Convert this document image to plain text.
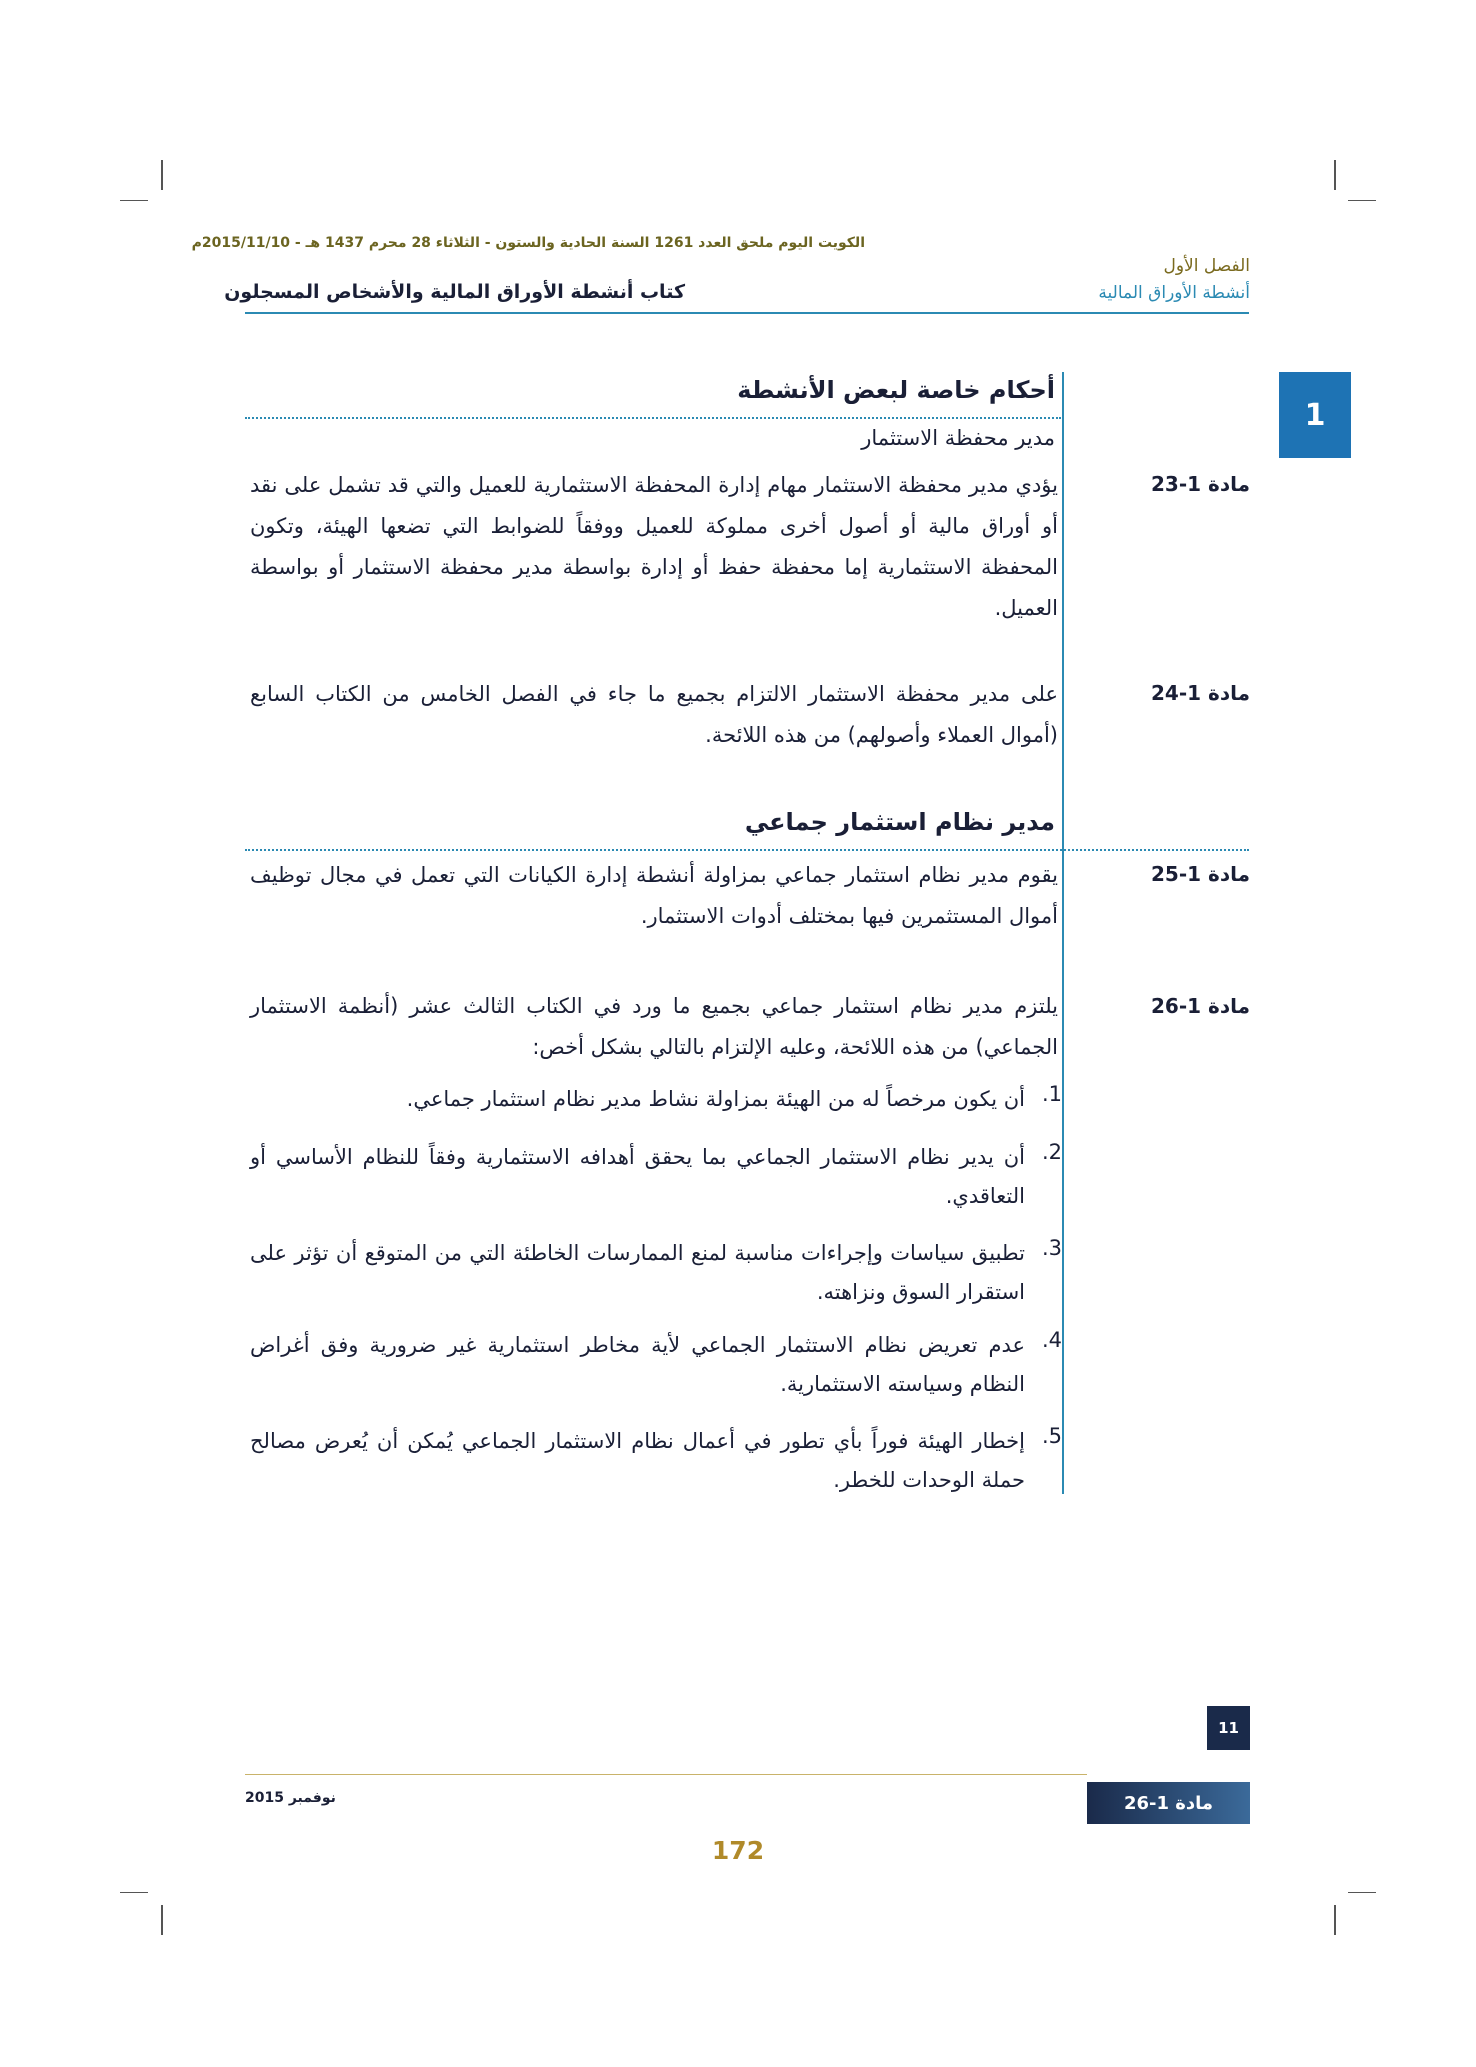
الكويت اليوم ملحق العدد 1261 السنة الحادية والستون - الثلاثاء 28 محرم 1437 هـ - 2015/11/10م
الفصل الأول
أنشطة الأوراق المالية
كتاب أنشطة الأوراق المالية والأشخاص المسجلون
1
أحكام خاصة لبعض الأنشطة
مدير محفظة الاستثمار
مادة 1-23
يؤدي مدير محفظة الاستثمار مهام إدارة المحفظة الاستثمارية للعميل والتي قد تشمل على نقد أو أوراق مالية أو أصول أخرى مملوكة للعميل ووفقاً للضوابط التي تضعها الهيئة، وتكون المحفظة الاستثمارية إما محفظة حفظ أو إدارة بواسطة مدير محفظة الاستثمار أو بواسطة العميل.
مادة 1-24
على مدير محفظة الاستثمار الالتزام بجميع ما جاء في الفصل الخامس من الكتاب السابع (أموال العملاء وأصولهم) من هذه اللائحة.
مدير نظام استثمار جماعي
مادة 1-25
يقوم مدير نظام استثمار جماعي بمزاولة أنشطة إدارة الكيانات التي تعمل في مجال توظيف أموال المستثمرين فيها بمختلف أدوات الاستثمار.
مادة 1-26
يلتزم مدير نظام استثمار جماعي بجميع ما ورد في الكتاب الثالث عشر (أنظمة الاستثمار الجماعي) من هذه اللائحة، وعليه الإلتزام بالتالي بشكل أخص:
.1
أن يكون مرخصاً له من الهيئة بمزاولة نشاط مدير نظام استثمار جماعي.
.2
أن يدير نظام الاستثمار الجماعي بما يحقق أهدافه الاستثمارية وفقاً للنظام الأساسي أو التعاقدي.
.3
تطبيق سياسات وإجراءات مناسبة لمنع الممارسات الخاطئة التي من المتوقع أن تؤثر على استقرار السوق ونزاهته.
.4
عدم تعريض نظام الاستثمار الجماعي لأية مخاطر استثمارية غير ضرورية وفق أغراض النظام وسياسته الاستثمارية.
.5
إخطار الهيئة فوراً بأي تطور في أعمال نظام الاستثمار الجماعي يُمكن أن يُعرض مصالح حملة الوحدات للخطر.
11
نوفمبر 2015	مادة 1-26
172
